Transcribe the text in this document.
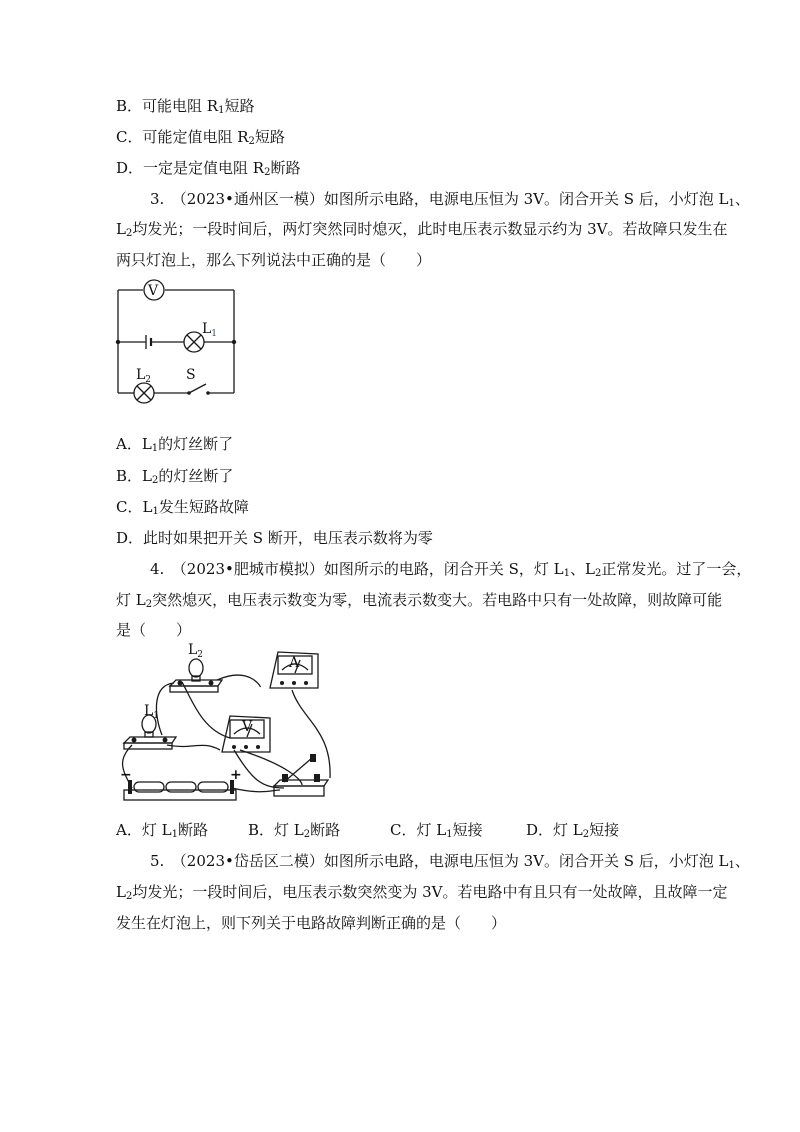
B．可能电阻 $R_1$短路
C．可能定值电阻 $R_2$短路
D．一定是定值电阻 $R_2$断路
3.　（2023•通州区一模）如图所示电路，电源电压恒为 3V。闭合开关 S 后，小灯泡 $L_1$、
$L_2$均发光；一段时间后，两灯突然同时熄灭，此时电压表示数显示约为 3V。若故障只发生在
两只灯泡上，那么下列说法中正确的是（　　）
V
$L_1$
$L_2$ S
A．$L_1$的灯丝断了
B．$L_2$的灯丝断了
C．$L_1$发生短路故障
D．此时如果把开关 S 断开，电压表示数将为零
4.　（2023•肥城市模拟）如图所示的电路，闭合开关 S，灯 $L_1$、$L_2$正常发光。过了一会，
灯 $L_2$突然熄灭，电压表示数变为零，电流表示数变大。若电路中只有一处故障，则故障可能
是（　　）
$L_2$
$L_1$
A
V
−	+
A．灯 $L_1$断路	B．灯 $L_2$断路	C．灯 $L_1$短接	D．灯 $L_2$短接
5.　（2023•岱岳区二模）如图所示电路，电源电压恒为 3V。闭合开关 S 后，小灯泡 $L_1$、
$L_2$均发光；一段时间后，电压表示数突然变为 3V。若电路中有且只有一处故障，且故障一定
发生在灯泡上，则下列关于电路故障判断正确的是（　　）
